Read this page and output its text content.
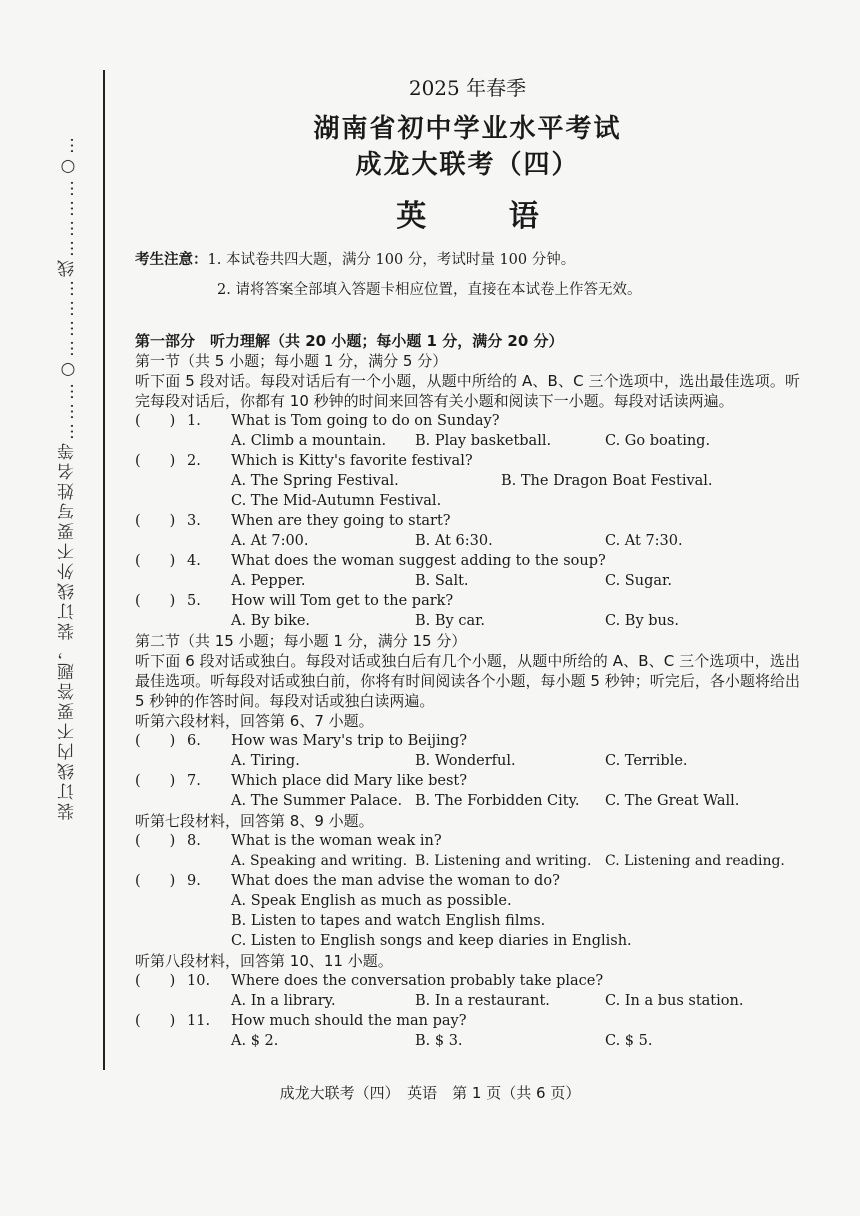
装订线内不要答题，装订线外不要写姓名等………○…………线…………○…
2025 年春季
湖南省初中学业水平考试
成龙大联考（四）
英 语
考生注意： 1. 本试卷共四大题，满分 100 分，考试时量 100 分钟。
2. 请将答案全部填入答题卡相应位置，直接在本试卷上作答无效。
第一部分　听力理解（共 20 小题；每小题 1 分，满分 20 分）
第一节（共 5 小题；每小题 1 分，满分 5 分）
听下面 5 段对话。每段对话后有一个小题，从题中所给的 A、B、C 三个选项中，选出最佳选项。听完每段对话后，你都有 10 秒钟的时间来回答有关小题和阅读下一小题。每段对话读两遍。
(　　) 1.	What is Tom going to do on Sunday?
A. Climb a mountain.	B. Play basketball.	C. Go boating.
(　　) 2.	Which is Kitty's favorite festival?
A. The Spring Festival.	B. The Dragon Boat Festival.
C. The Mid-Autumn Festival.
(　　) 3.	When are they going to start?
A. At 7:00.	B. At 6:30.	C. At 7:30.
(　　) 4.	What does the woman suggest adding to the soup?
A. Pepper.	B. Salt.	C. Sugar.
(　　) 5.	How will Tom get to the park?
A. By bike.	B. By car.	C. By bus.
第二节（共 15 小题；每小题 1 分，满分 15 分）
听下面 6 段对话或独白。每段对话或独白后有几个小题，从题中所给的 A、B、C 三个选项中，选出最佳选项。听每段对话或独白前，你将有时间阅读各个小题，每小题 5 秒钟；听完后，各小题将给出 5 秒钟的作答时间。每段对话或独白读两遍。
听第六段材料，回答第 6、7 小题。
(　　) 6.	How was Mary's trip to Beijing?
A. Tiring.	B. Wonderful.	C. Terrible.
(　　) 7.	Which place did Mary like best?
A. The Summer Palace. B. The Forbidden City.	C. The Great Wall.
听第七段材料，回答第 8、9 小题。
(　　) 8.	What is the woman weak in?
A. Speaking and writing. B. Listening and writing. C. Listening and reading.
(　　) 9.	What does the man advise the woman to do?
A. Speak English as much as possible.
B. Listen to tapes and watch English films.
C. Listen to English songs and keep diaries in English.
听第八段材料，回答第 10、11 小题。
(　　) 10.	Where does the conversation probably take place?
A. In a library.	B. In a restaurant.	C. In a bus station.
(　　) 11.	How much should the man pay?
A. $ 2.	B. $ 3.	C. $ 5.
成龙大联考（四）　英语　第 1 页（共 6 页）
